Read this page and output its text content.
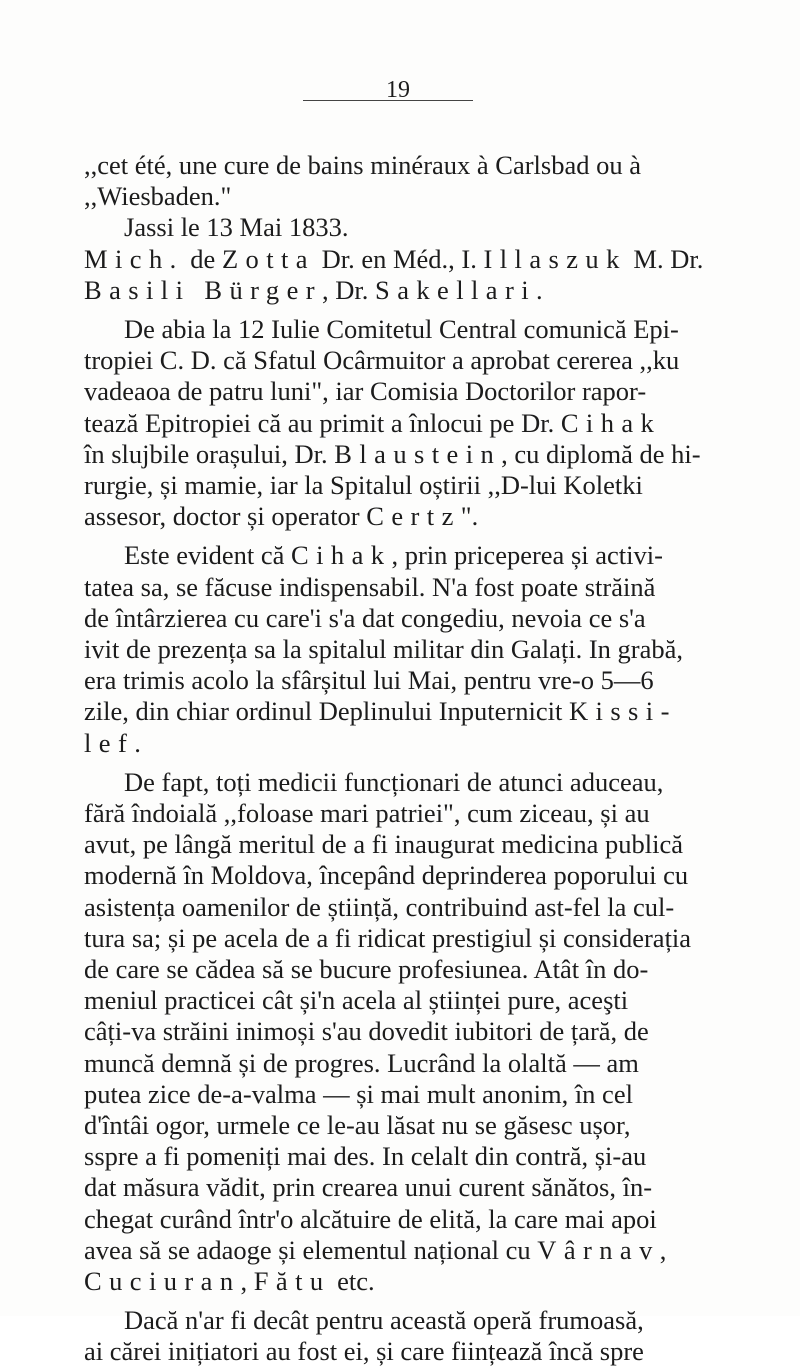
19
,,cet été, une cure de bains minéraux à Carlsbad ou à
,,Wiesbaden."
Jassi le 13 Mai 1833.
Mich. de Zotta Dr. en Méd., I. Illaszuk M. Dr.
Basili Bürger, Dr. Sakellari.
De abia la 12 Iulie Comitetul Central comunică Epi-
tropiei C. D. că Sfatul Ocârmuitor a aprobat cererea ,,ku
vadeaoa de patru luni", iar Comisia Doctorilor rapor-
tează Epitropiei că au primit a înlocui pe Dr. Cihak
în slujbile orașului, Dr. Blaustein, cu diplomă de hi-
rurgie, și mamie, iar la Spitalul oștirii ,,D-lui Koletki
assesor, doctor și operator Certz".
Este evident că Cihak, prin priceperea și activi-
tatea sa, se făcuse indispensabil. N'a fost poate străină
de întârzierea cu care'i s'a dat congediu, nevoia ce s'a
ivit de prezența sa la spitalul militar din Galați. In grabă,
era trimis acolo la sfârșitul lui Mai, pentru vre-o 5—6
zile, din chiar ordinul Deplinului Inputernicit Kissi-
lef.
De fapt, toți medicii funcționari de atunci aduceau,
fără îndoială ,,foloase mari patriei", cum ziceau, și au
avut, pe lângă meritul de a fi inaugurat medicina publică
modernă în Moldova, începând deprinderea poporului cu
asistența oamenilor de știință, contribuind ast-fel la cul-
tura sa; și pe acela de a fi ridicat prestigiul și considerația
de care se cădea să se bucure profesiunea. Atât în do-
meniul practicei cât și'n acela al științei pure, aceşti
câți-va străini inimoși s'au dovedit iubitori de țară, de
muncă demnă și de progres. Lucrând la olaltă — am
putea zice de-a-valma — și mai mult anonim, în cel
d'întâi ogor, urmele ce le-au lăsat nu se găsesc ușor,
sspre a fi pomeniți mai des. In celalt din contră, și-au
dat măsura vădit, prin crearea unui curent sănătos, în-
chegat curând într'o alcătuire de elită, la care mai apoi
avea să se adaoge și elementul național cu Vârnav,
Cuciuran, Fătu etc.
Dacă n'ar fi decât pentru această operă frumoasă,
ai cărei inițiatori au fost ei, și care ființează încă spre
